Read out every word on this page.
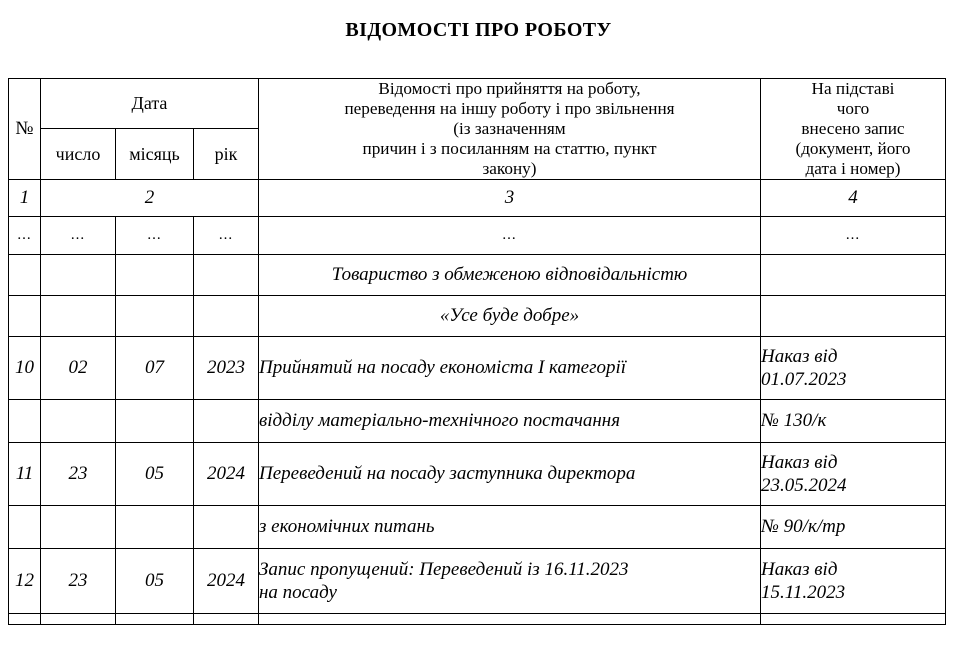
ВІДОМОСТІ ПРО РОБОТУ
№	Дата			Відомості про прийняття на роботу,
переведення на іншу роботу і про звільнення
(із зазначенням
причин і з посиланням на статтю, пункт
закону)	На підставі
чого
внесено запис
(документ, його
дата і номер)
	число	місяць	рік		
1	2			3	4
...	...	...	...	...	...
				Товариство з обмеженою відповідальністю	
				«Усе буде добре»	
10	02	07	2023	Прийнятий на посаду економіста І категорії	Наказ від
01.07.2023

				відділу матеріально-технічного постачання	№ 130/к
11	23	05	2024	Переведений на посаду заступника директора	Наказ від
23.05.2024

				з економічних питань	№ 90/к/тр
12	23	05	2024	Запис пропущений: Переведений із 16.11.2023
на посаду	Наказ від
15.11.2023
